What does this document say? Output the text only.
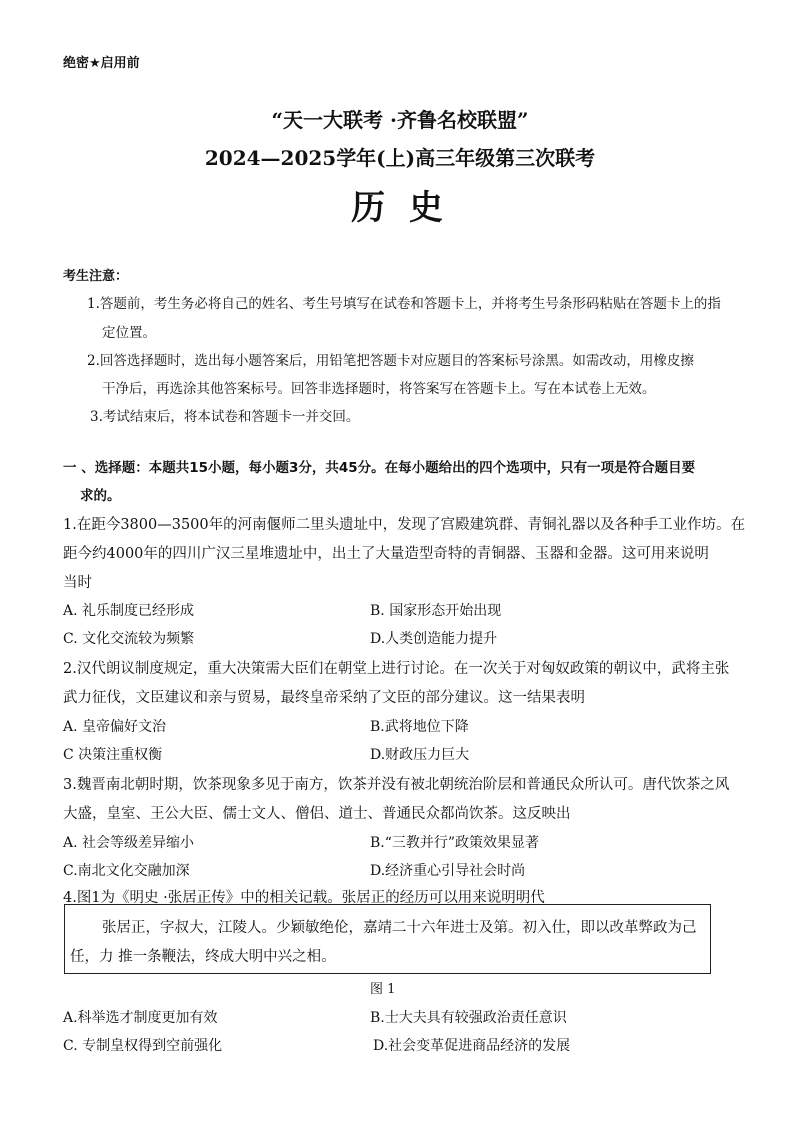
绝密★启用前
“天一大联考 ·齐鲁名校联盟”
2024—2025学年(上)高三年级第三次联考
历 史
考生注意：
1.答题前，考生务必将自己的姓名、考生号填写在试卷和答题卡上，并将考生号条形码粘贴在答题卡上的指
定位置。
2.回答选择题时，选出每小题答案后，用铅笔把答题卡对应题目的答案标号涂黑。如需改动，用橡皮擦
干净后，再选涂其他答案标号。回答非选择题时，将答案写在答题卡上。写在本试卷上无效。
3.考试结束后，将本试卷和答题卡一并交回。
一 、选择题：本题共15小题，每小题3分，共45分。在每小题给出的四个选项中，只有一项是符合题目要
求的。
1.在距今3800—3500年的河南偃师二里头遗址中，发现了宫殿建筑群、青铜礼器以及各种手工业作坊。在
距今约4000年的四川广汉三星堆遗址中，出土了大量造型奇特的青铜器、玉器和金器。这可用来说明
当时
A. 礼乐制度已经形成	B. 国家形态开始出现
C. 文化交流较为频繁	D.人类创造能力提升
2.汉代朗议制度规定，重大决策需大臣们在朝堂上进行讨论。在一次关于对匈奴政策的朝议中，武将主张
武力征伐，文臣建议和亲与贸易，最终皇帝采纳了文臣的部分建议。这一结果表明
A. 皇帝偏好文治	B.武将地位下降
C 决策注重权衡	D.财政压力巨大
3.魏晋南北朝时期，饮茶现象多见于南方，饮茶并没有被北朝统治阶层和普通民众所认可。唐代饮茶之风
大盛，皇室、王公大臣、儒士文人、僧侣、道士、普通民众都尚饮茶。这反映出
A. 社会等级差异缩小	B.“三教并行”政策效果显著
C.南北文化交融加深	D.经济重心引导社会时尚
4.图1为《明史 ·张居正传》中的相关记载。张居正的经历可以用来说明明代
张居正，字叔大，江陵人。少颖敏绝伦，嘉靖二十六年进士及第。初入仕，即以改革弊政为己
任，力 推一条鞭法，终成大明中兴之相。
图 1
A.科举选才制度更加有效	B.士大夫具有较强政治责任意识
C. 专制皇权得到空前强化	D.社会变革促进商品经济的发展
